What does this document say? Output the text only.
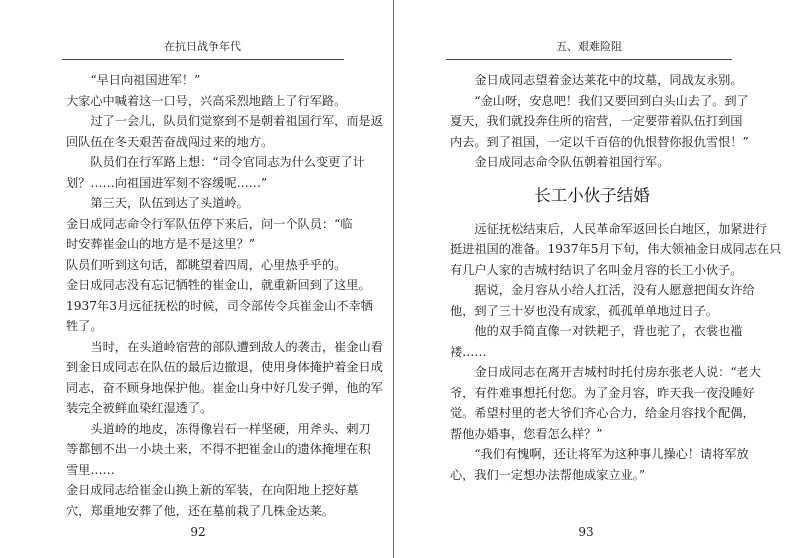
在抗日战争年代
“早日向祖国进军！”
大家心中喊着这一口号，兴高采烈地踏上了行军路。
过了一会儿，队员们觉察到不是朝着祖国行军，而是返
回队伍在冬天艰苦奋战闯过来的地方。
队员们在行军路上想：“司令官同志为什么变更了计
划？……向祖国进军刻不容缓呢……”
第三天，队伍到达了头道岭。
金日成同志命令行军队伍停下来后，问一个队员：“临
时安葬崔金山的地方是不是这里？”
队员们听到这句话，都眺望着四周，心里热乎乎的。
金日成同志没有忘记牺牲的崔金山，就重新回到了这里。
1937年3月远征抚松的时候，司令部传令兵崔金山不幸牺
牲了。
当时，在头道岭宿营的部队遭到敌人的袭击，崔金山看
到金日成同志在队伍的最后边撤退，使用身体掩护着金日成
同志，奋不顾身地保护他。崔金山身中好几发子弹，他的军
装完全被鲜血染红湿透了。
头道岭的地皮，冻得像岩石一样坚硬，用斧头、剌刀
等都刨不出一小块土来，不得不把崔金山的遗体掩埋在积
雪里……
金日成同志给崔金山换上新的军装，在向阳地上挖好墓
穴，郑重地安葬了他，还在墓前栽了几株金达莱。
92
五、艰难险阻
金日成同志望着金达莱花中的坟墓，同战友永别。
“金山呀，安息吧！我们又要回到白头山去了。到了
夏天，我们就投奔住所的宿营，一定要带着队伍打到国
内去。到了祖国，一定以千百倍的仇恨替你报仇雪恨！”
金日成同志命令队伍朝着祖国行军。
长工小伙子结婚
远征抚松结束后，人民革命军返回长白地区，加紧进行
挺进祖国的准备。1937年5月下旬，伟大领袖金日成同志在只
有几户人家的吉城村结识了名叫金月容的长工小伙子。
据说，金月容从小给人扛活，没有人愿意把闺女许给
他，到了三十岁也没有成家，孤孤单单地过日子。
他的双手简直像一对铁耙子，背也驼了，衣裳也褴
褛……
金日成同志在离开吉城村时托付房东张老人说：“老大
爷，有件难事想托付您。为了金月容，昨天我一夜没睡好
觉。希望村里的老大爷们齐心合力，给金月容找个配偶，
帮他办婚事，您看怎么样？”
“我们有愧啊，还让将军为这种事儿操心！请将军放
心，我们一定想办法帮他成家立业。”
93
